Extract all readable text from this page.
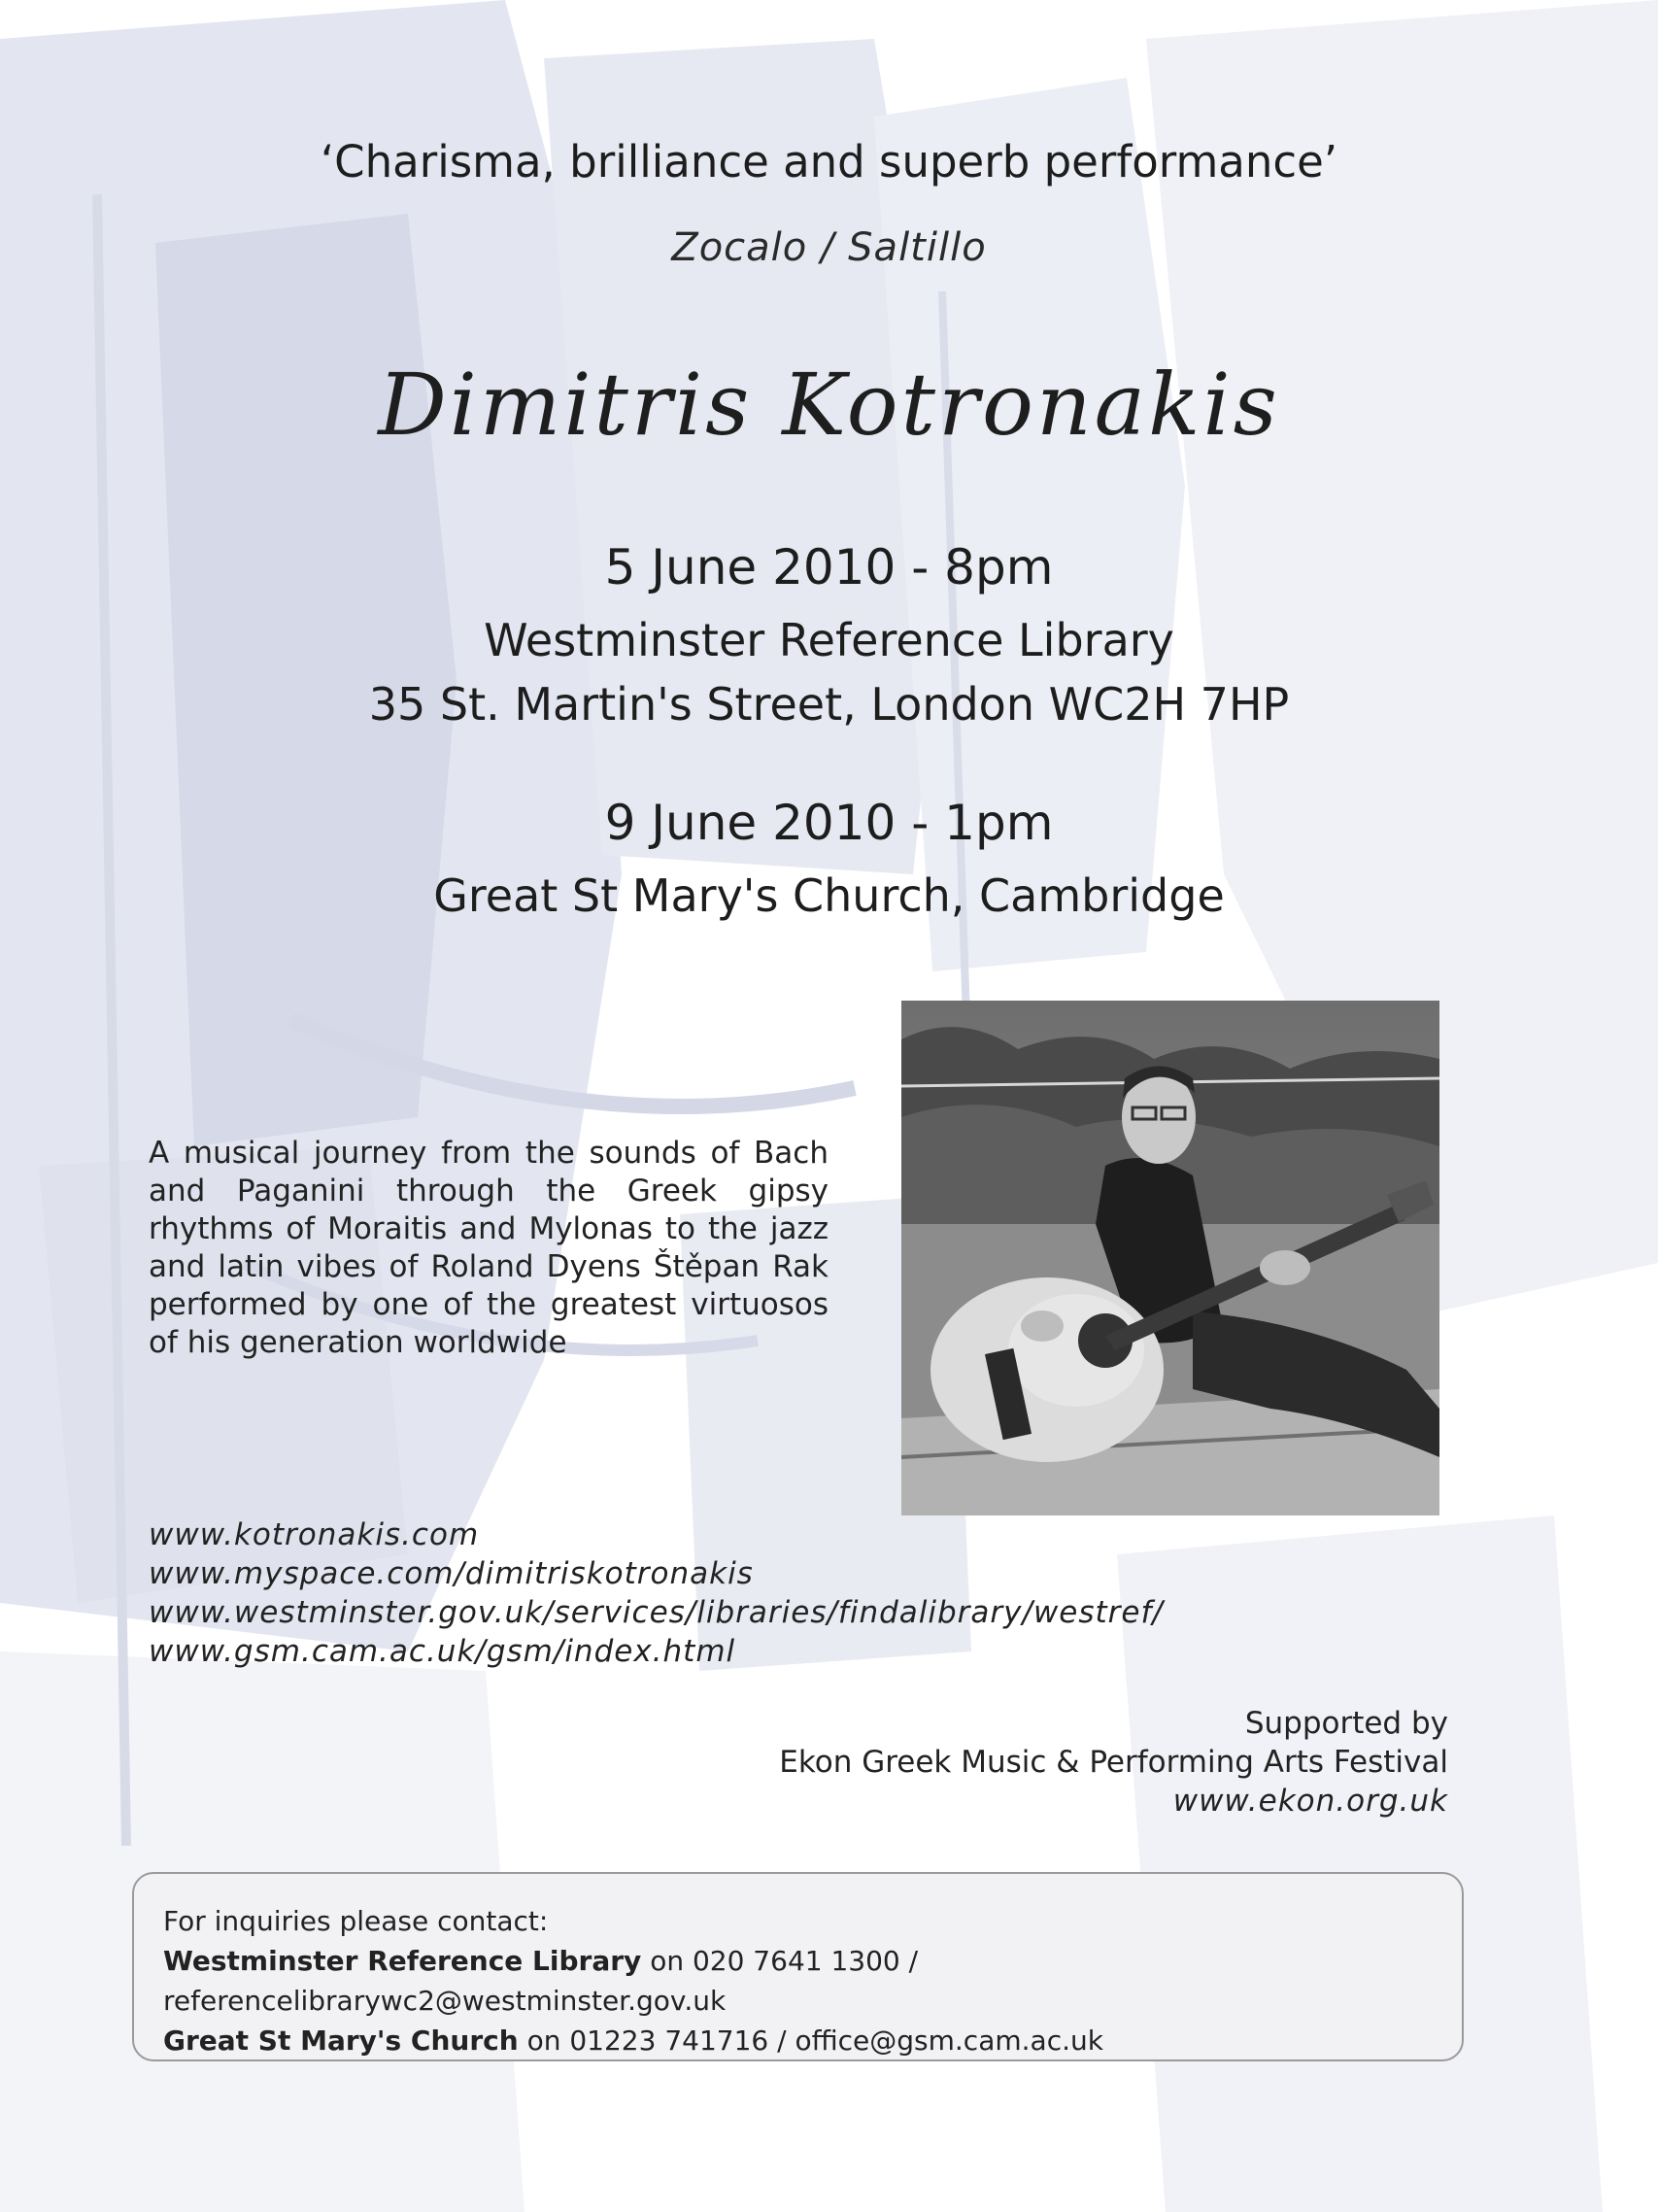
‘Charisma, brilliance and superb performance’
Zocalo / Saltillo
Dimitris Kotronakis
5 June 2010 - 8pm
Westminster Reference Library
35 St. Martin's Street, London WC2H 7HP
9 June 2010 - 1pm
Great St Mary's Church, Cambridge
A musical journey from the sounds of Bach and Paganini through the Greek gipsy rhythms of Moraitis and Mylonas to the jazz and latin vibes of Roland Dyens Štěpan Rak performed by one of the greatest virtuosos of his generation worldwide
www.kotronakis.com
www.myspace.com/dimitriskotronakis
www.westminster.gov.uk/services/libraries/findalibrary/westref/
www.gsm.cam.ac.uk/gsm/index.html
Supported by
Ekon Greek Music & Performing Arts Festival
www.ekon.org.uk
For inquiries please contact:
Westminster Reference Library on 020 7641 1300 / referencelibrarywc2@westminster.gov.uk
Great St Mary's Church on 01223 741716 / office@gsm.cam.ac.uk
